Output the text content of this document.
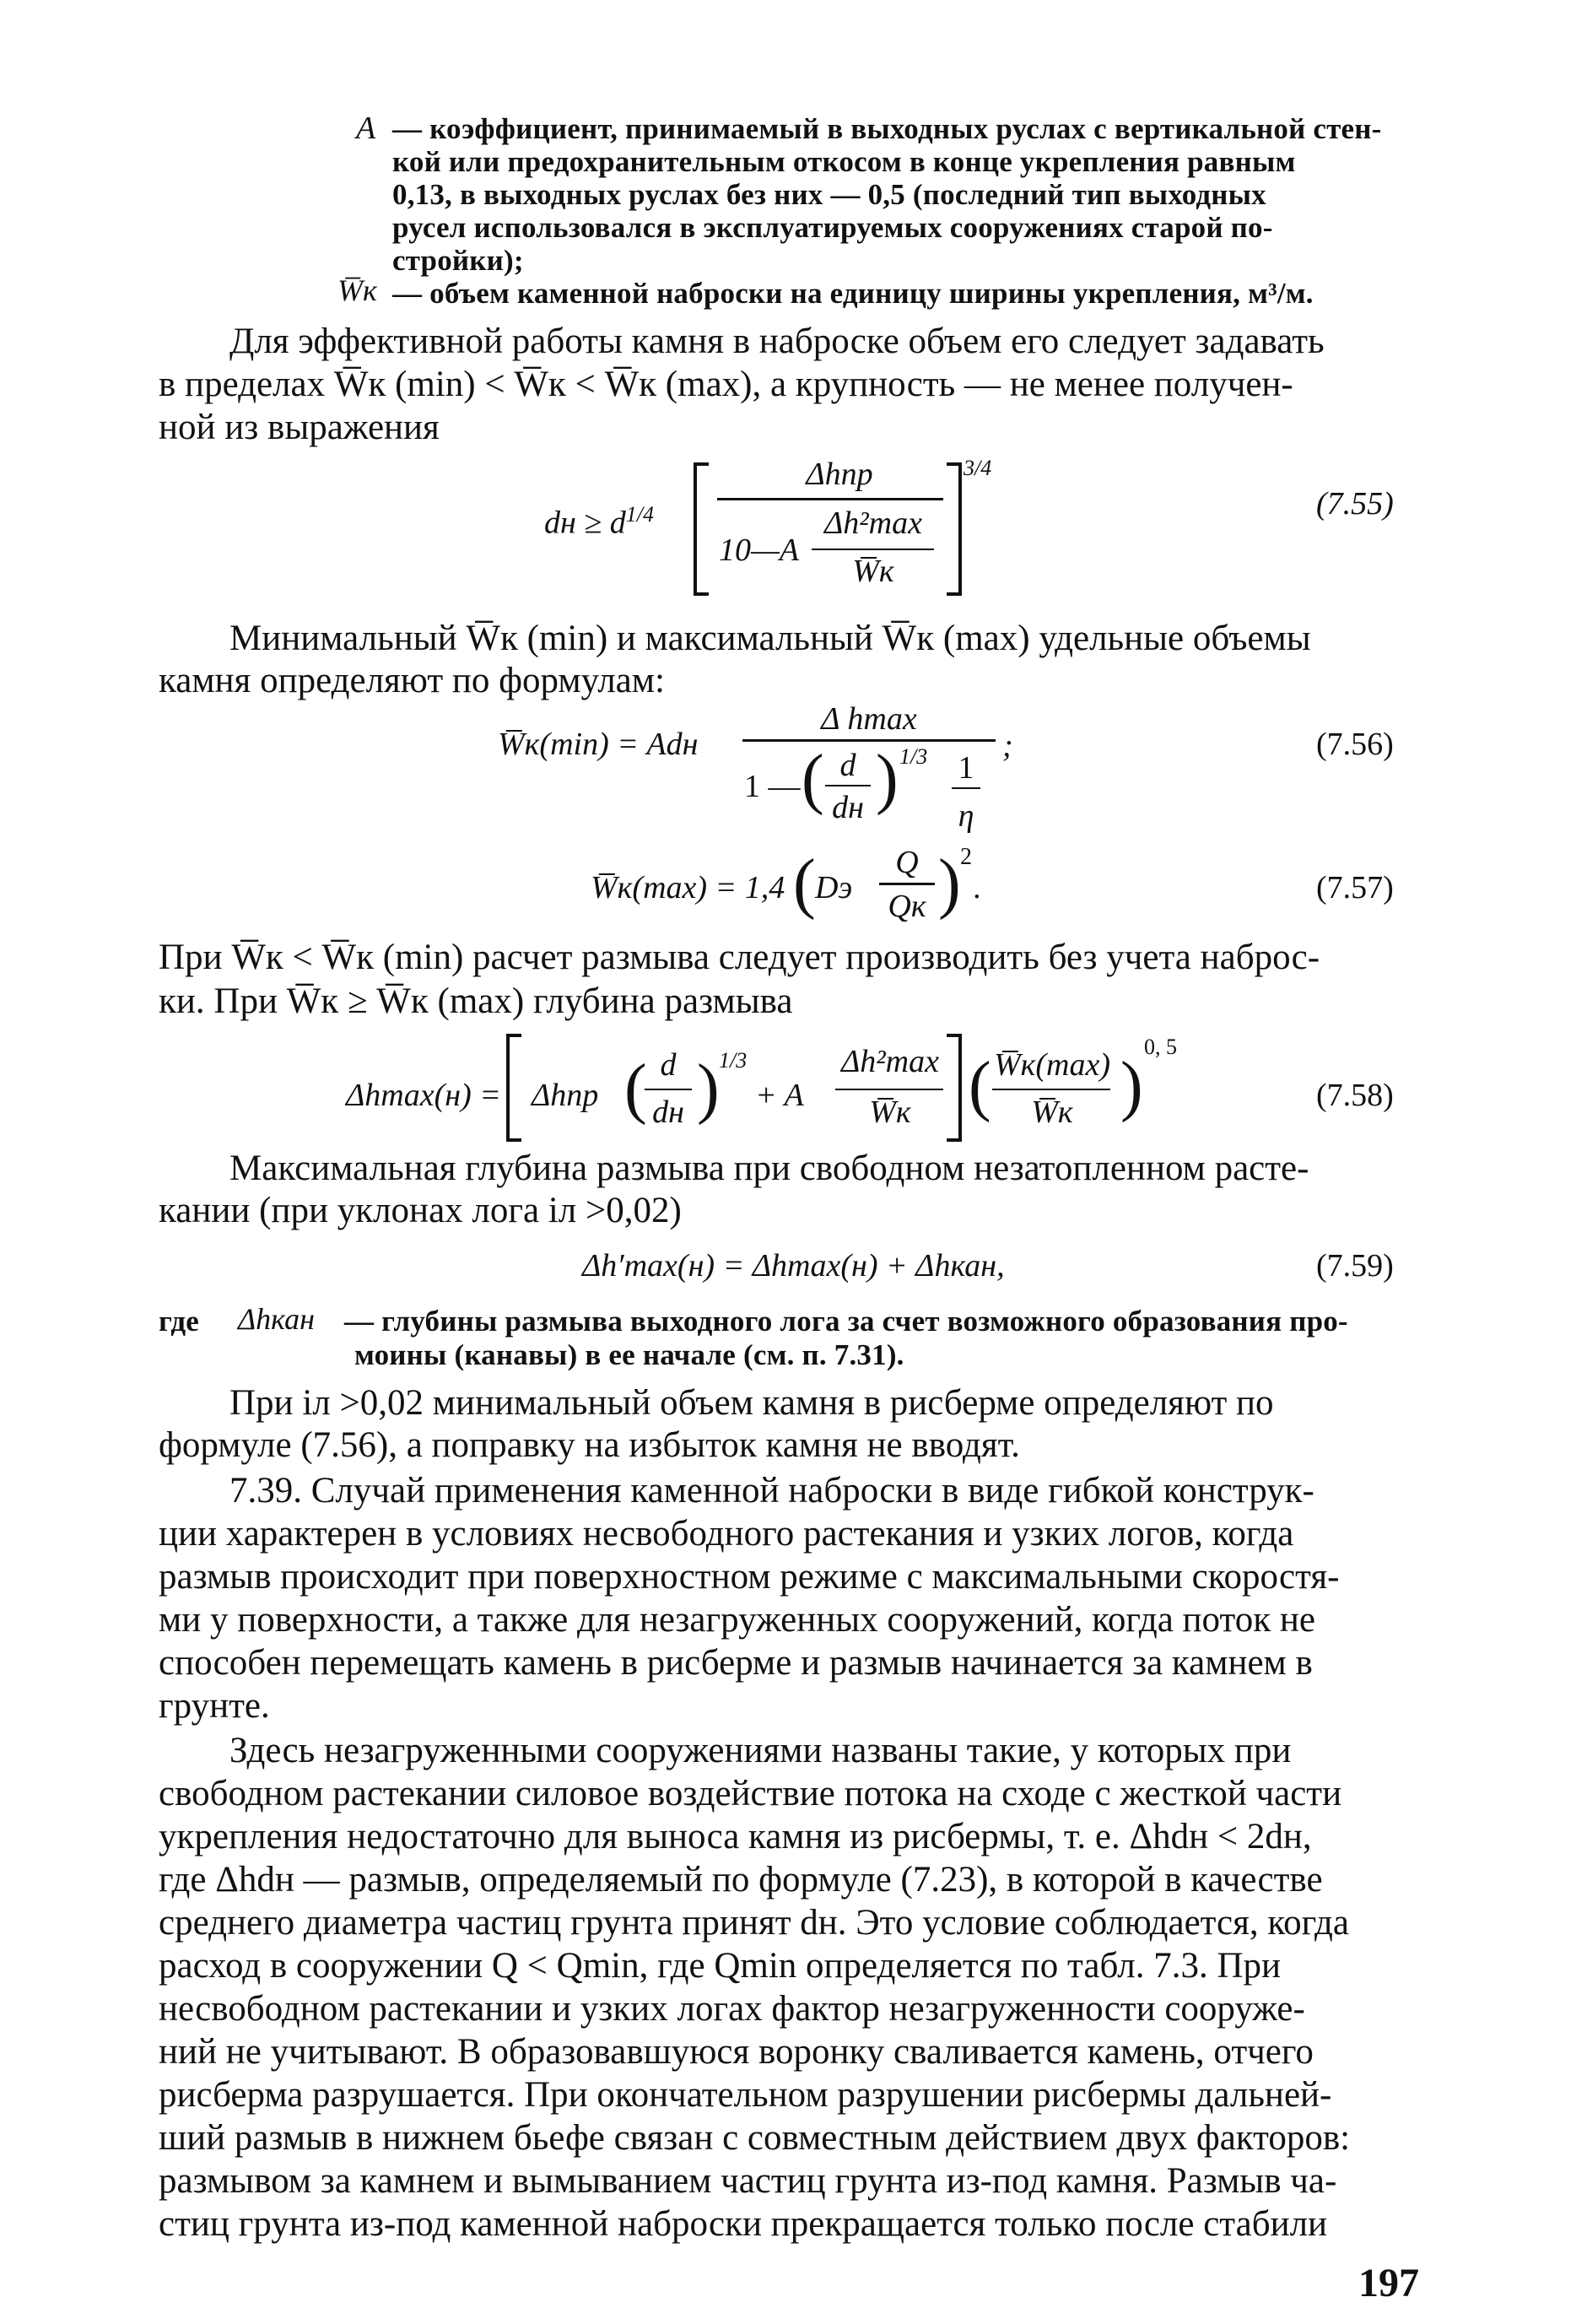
A — коэффициент, принимаемый в выходных руслах с вертикальной стен-
кой или предохранительным откосом в конце укрепления равным
0,13, в выходных руслах без них — 0,5 (последний тип выходных
русел использовался в эксплуатируемых сооружениях старой по-
стройки);
W̅к — объем каменной наброски на единицу ширины укрепления, м³/м.
Для эффективной работы камня в наброске объем его следует задавать
в пределах W̅к (min) < W̅к < W̅к (max), а крупность — не менее получен-
ной из выражения
dн ≥ $d^{1/4}$
Δhпр
10—A
Δh²max
W̅к
3/4
(7.55)
Минимальный W̅к (min) и максимальный W̅к (max) удельные объемы
камня определяют по формулам:
W̅к(min) = Adн
Δ hmax
1 — ( d
dн ) 1/3 1
η
;	(7.56)
W̅к(max) = 1,4 ( Dэ
Q
Qк ) 2
.	(7.57)
При W̅к < W̅к (min) расчет размыва следует производить без учета наброс-
ки. При W̅к ≥ W̅к (max) глубина размыва
Δhmax(н) = Δhпр ( d
dн ) 1/3
+ A
Δh²max
W̅к ( W̅к(max)
W̅к )
0, 5
(7.58)
Максимальная глубина размыва при свободном незатопленном расте-
кании (при уклонах лога iл >0,02)
Δh′max(н) = Δhmax(н) + Δhкан,	(7.59)
где Δhкан — глубины размыва выходного лога за счет возможного образования про-
моины (канавы) в ее начале (см. п. 7.31).
При iл >0,02 минимальный объем камня в рисберме определяют по
формуле (7.56), а поправку на избыток камня не вводят.
7.39. Случай применения каменной наброски в виде гибкой конструк-
ции характерен в условиях несвободного растекания и узких логов, когда
размыв происходит при поверхностном режиме с максимальными скоростя-
ми у поверхности, а также для незагруженных сооружений, когда поток не
способен перемещать камень в рисберме и размыв начинается за камнем в
грунте.
Здесь незагруженными сооружениями названы такие, у которых при
свободном растекании силовое воздействие потока на сходе с жесткой части
укрепления недостаточно для выноса камня из рисбермы, т. е. Δhdн < 2dн,
где Δhdн — размыв, определяемый по формуле (7.23), в которой в качестве
среднего диаметра частиц грунта принят dн. Это условие соблюдается, когда
расход в сооружении Q < Qmin, где Qmin определяется по табл. 7.3. При
несвободном растекании и узких логах фактор незагруженности сооруже-
ний не учитывают. В образовавшуюся воронку сваливается камень, отчего
рисберма разрушается. При окончательном разрушении рисбермы дальней-
ший размыв в нижнем бьефе связан с совместным действием двух факторов:
размывом за камнем и вымыванием частиц грунта из-под камня. Размыв ча-
стиц грунта из-под каменной наброски прекращается только после стабили
197
